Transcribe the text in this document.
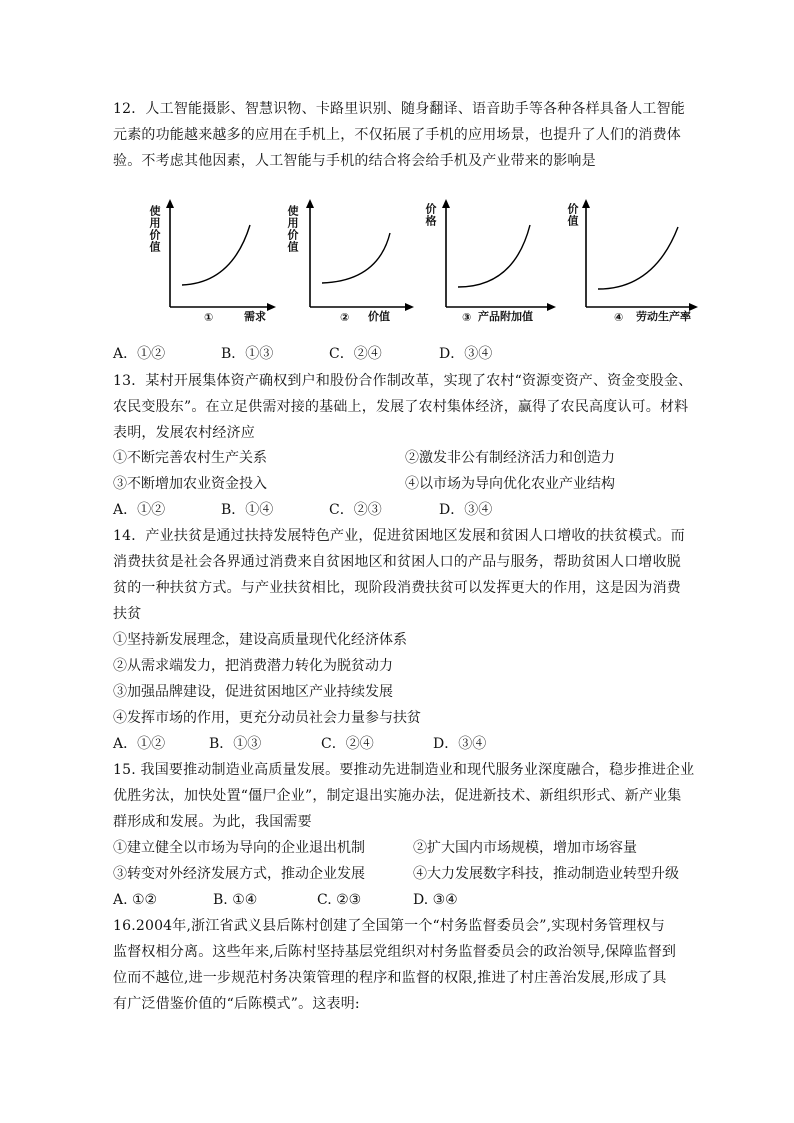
12．人工智能摄影、智慧识物、卡路里识别、随身翻译、语音助手等各种各样具备人工智能
元素的功能越来越多的应用在手机上，不仅拓展了手机的应用场景，也提升了人们的消费体
验。不考虑其他因素，人工智能与手机的结合将会给手机及产业带来的影响是
使用价值
①	需求
使用价值
② 价值
价格
③ 产品附加值
价值
④ 劳动生产率
A．①②	B．①③	C．②④	D．③④
13．某村开展集体资产确权到户和股份合作制改革，实现了农村“资源变资产、资金变股金、
农民变股东”。在立足供需对接的基础上，发展了农村集体经济，赢得了农民高度认可。材料
表明，发展农村经济应
①不断完善农村生产关系	②激发非公有制经济活力和创造力
③不断增加农业资金投入	④以市场为导向优化农业产业结构
A．①②	B．①④	C．②③	D．③④
14．产业扶贫是通过扶持发展特色产业，促进贫困地区发展和贫困人口增收的扶贫模式。而
消费扶贫是社会各界通过消费来自贫困地区和贫困人口的产品与服务，帮助贫困人口增收脱
贫的一种扶贫方式。与产业扶贫相比，现阶段消费扶贫可以发挥更大的作用，这是因为消费
扶贫
①坚持新发展理念，建设高质量现代化经济体系
②从需求端发力，把消费潜力转化为脱贫动力
③加强品牌建设，促进贫困地区产业持续发展
④发挥市场的作用，更充分动员社会力量参与扶贫
A．①②	B．①③	C．②④	D．③④
15. 我国要推动制造业高质量发展。要推动先进制造业和现代服务业深度融合，稳步推进企业
优胜劣汰，加快处置“僵尸企业”，制定退出实施办法，促进新技术、新组织形式、新产业集
群形成和发展。为此，我国需要
①建立健全以市场为导向的企业退出机制	②扩大国内市场规模，增加市场容量
③转变对外经济发展方式，推动企业发展	④大力发展数字科技，推动制造业转型升级
A. ①②	B. ①④	C. ②③	D. ③④
16.2004年,浙江省武义县后陈村创建了全国第一个“村务监督委员会”,实现村务管理权与
监督权相分离。这些年来,后陈村坚持基层党组织对村务监督委员会的政治领导,保障监督到
位而不越位,进一步规范村务决策管理的程序和监督的权限,推进了村庄善治发展,形成了具
有广泛借鉴价值的“后陈模式”。这表明:
